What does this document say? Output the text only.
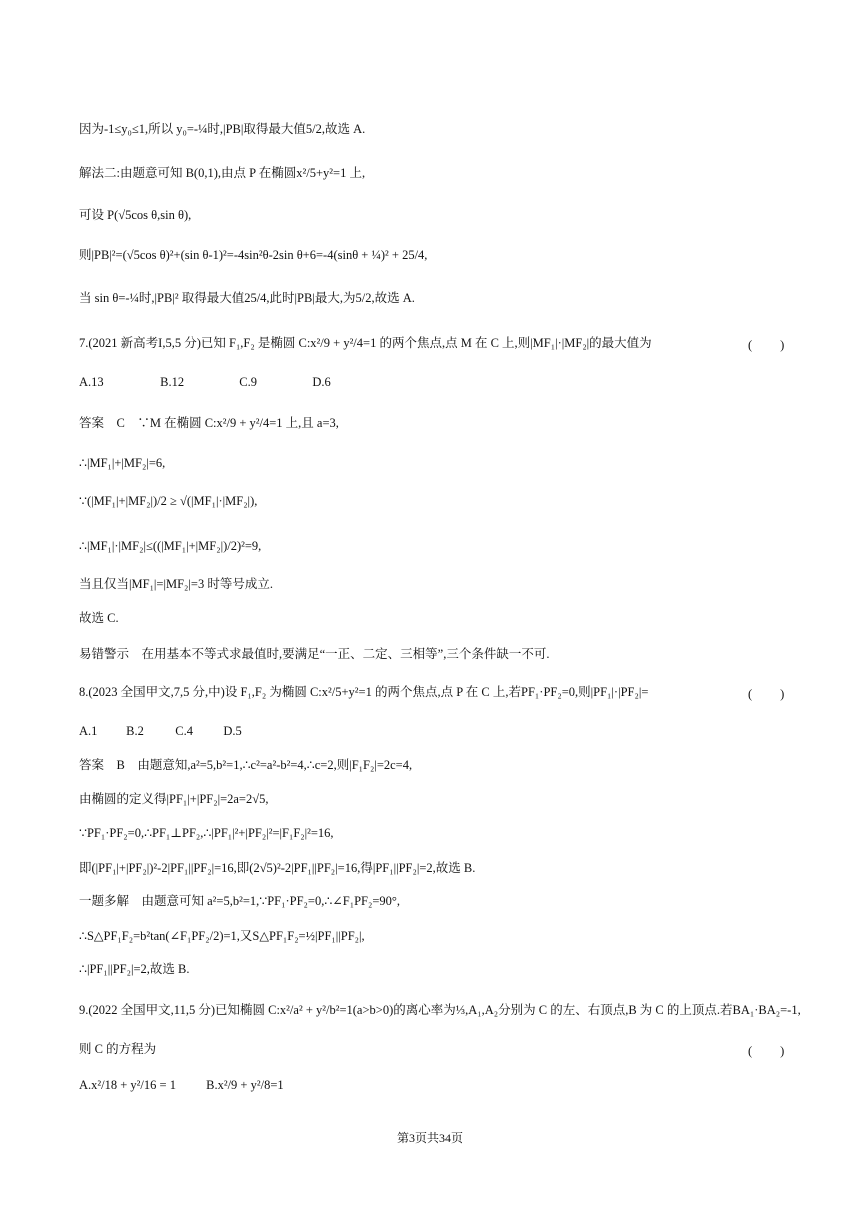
因为-1≤y₀≤1,所以 y₀=-¼时,|PB|取得最大值5/2,故选 A.
解法二:由题意可知 B(0,1),由点 P 在椭圆x²/5+y²=1 上,
可设 P(√5cos θ,sin θ),
则|PB|²=(√5cos θ)²+(sin θ-1)²=-4sin²θ-2sin θ+6=-4(sinθ + ¼)² + 25/4,
当 sin θ=-¼时,|PB|² 取得最大值25/4,此时|PB|最大,为5/2,故选 A.
7.(2021 新高考I,5,5 分)已知 F₁,F₂ 是椭圆 C:x²/9 + y²/4=1 的两个焦点,点 M 在 C 上,则|MF₁|·|MF₂|的最大值为	(　　)
A.13	B.12	C.9	D.6
答案　C　∵M 在椭圆 C:x²/9 + y²/4=1 上,且 a=3,
∴|MF₁|+|MF₂|=6,
∵(|MF₁|+|MF₂|)/2 ≥ √(|MF₁|·|MF₂|),
∴|MF₁|·|MF₂|≤((|MF₁|+|MF₂|)/2)²=9,
当且仅当|MF₁|=|MF₂|=3 时等号成立.
故选 C.
易错警示　在用基本不等式求最值时,要满足“一正、二定、三相等”,三个条件缺一不可.
8.(2023 全国甲文,7,5 分,中)设 F₁,F₂ 为椭圆 C:x²/5+y²=1 的两个焦点,点 P 在 C 上,若PF₁·PF₂=0,则|PF₁|·|PF₂|=	(　　)
A.1 B.2	C.4 D.5
答案　B　由题意知,a²=5,b²=1,∴c²=a²-b²=4,∴c=2,则|F₁F₂|=2c=4,
由椭圆的定义得|PF₁|+|PF₂|=2a=2√5,
∵PF₁·PF₂=0,∴PF₁⊥PF₂,∴|PF₁|²+|PF₂|²=|F₁F₂|²=16,
即(|PF₁|+|PF₂|)²-2|PF₁||PF₂|=16,即(2√5)²-2|PF₁||PF₂|=16,得|PF₁||PF₂|=2,故选 B.
一题多解　由题意可知 a²=5,b²=1,∵PF₁·PF₂=0,∴∠F₁PF₂=90°,
∴S△PF₁F₂=b²tan(∠F₁PF₂/2)=1,又S△PF₁F₂=½|PF₁||PF₂|,
∴|PF₁||PF₂|=2,故选 B.
9.(2022 全国甲文,11,5 分)已知椭圆 C:x²/a² + y²/b²=1(a>b>0)的离心率为⅓,A₁,A₂分别为 C 的左、右顶点,B 为 C 的上顶点.若BA₁·BA₂=-1,
则 C 的方程为	(　　)
A.x²/18 + y²/16 = 1 B.x²/9 + y²/8=1
第3页共34页
